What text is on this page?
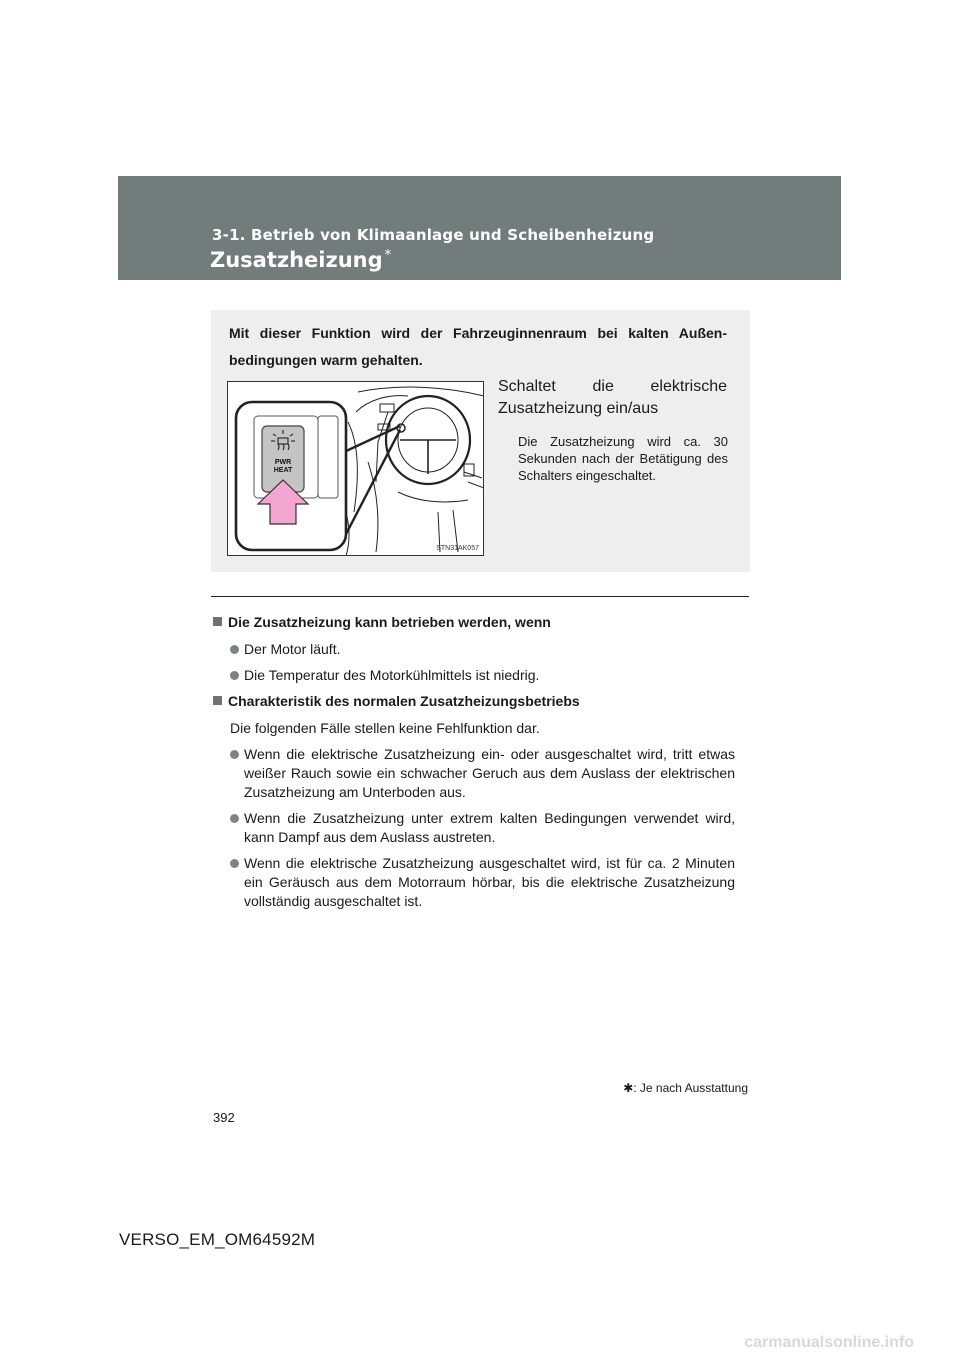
3-1. Betrieb von Klimaanlage und Scheibenheizung
Zusatzheizung *

Mit dieser Funktion wird der Fahrzeuginnenraum bei kalten Außen-bedingungen warm gehalten.

PWR
HEAT
STN31AK057
Schaltet die elektrische
Zusatzheizung ein/aus

Die Zusatzheizung wird ca. 30 Sekunden nach der Betätigung des Schalters eingeschaltet.

Die Zusatzheizung kann betrieben werden, wenn
Der Motor läuft.
Die Temperatur des Motorkühlmittels ist niedrig.
Charakteristik des normalen Zusatzheizungsbetriebs
Die folgenden Fälle stellen keine Fehlfunktion dar.
Wenn die elektrische Zusatzheizung ein- oder ausgeschaltet wird, tritt etwas weißer Rauch sowie ein schwacher Geruch aus dem Auslass der elektrischen Zusatzheizung am Unterboden aus.
Wenn die Zusatzheizung unter extrem kalten Bedingungen verwendet wird, kann Dampf aus dem Auslass austreten.
Wenn die elektrische Zusatzheizung ausgeschaltet wird, ist für ca. 2 Minuten ein Geräusch aus dem Motorraum hörbar, bis die elektrische Zusatzheizung vollständig ausgeschaltet ist.
✱: Je nach Ausstattung
392
VERSO_EM_OM64592M
carmanualsonline.info
